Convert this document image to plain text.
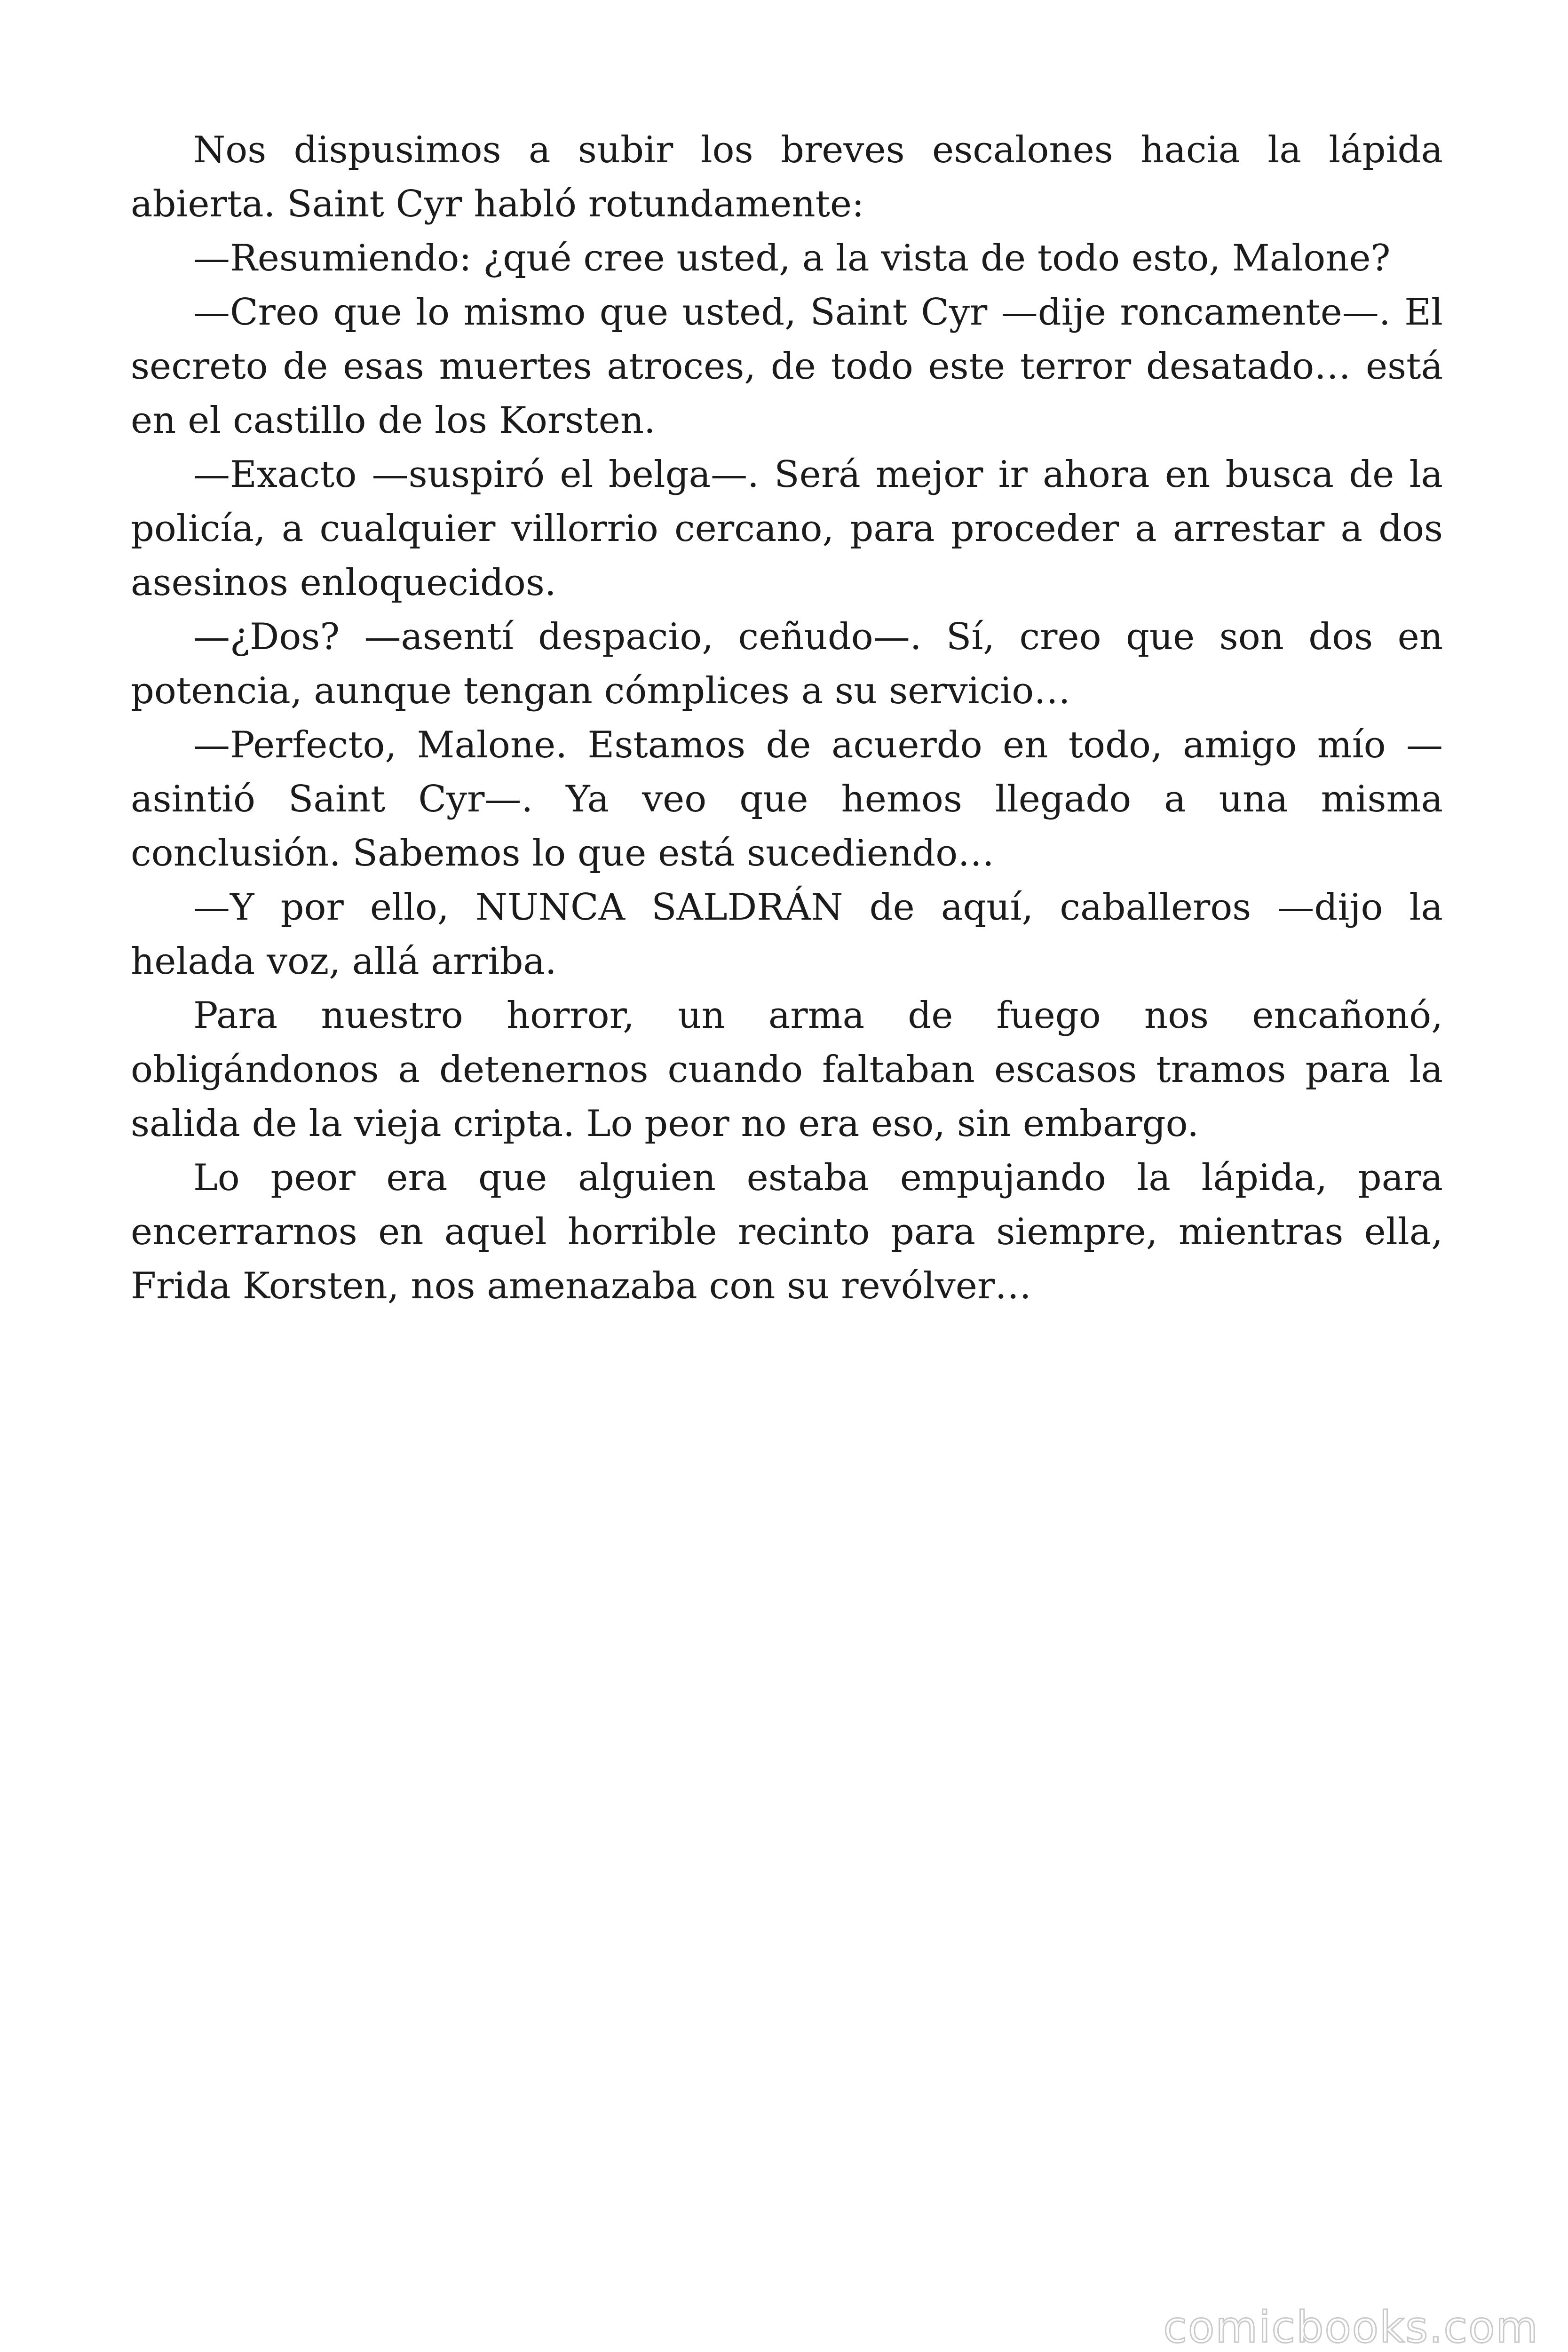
Nos dispusimos a subir los breves escalones hacia la lápida abierta. Saint Cyr habló rotundamente:

—Resumiendo: ¿qué cree usted, a la vista de todo esto, Malone?

—Creo que lo mismo que usted, Saint Cyr —dije roncamente—. El secreto de esas muertes atroces, de todo este terror desatado… está en el castillo de los Korsten.

—Exacto —suspiró el belga—. Será mejor ir ahora en busca de la policía, a cualquier villorrio cercano, para proceder a arrestar a dos asesinos enloquecidos.

—¿Dos? —asentí despacio, ceñudo—. Sí, creo que son dos en potencia, aunque tengan cómplices a su servicio…

—Perfecto, Malone. Estamos de acuerdo en todo, amigo mío —asintió Saint Cyr—. Ya veo que hemos llegado a una misma conclusión. Sabemos lo que está sucediendo…

—Y por ello, NUNCA SALDRÁN de aquí, caballeros —dijo la helada voz, allá arriba.

Para nuestro horror, un arma de fuego nos encañonó, obligándonos a detenernos cuando faltaban escasos tramos para la salida de la vieja cripta. Lo peor no era eso, sin embargo.

Lo peor era que alguien estaba empujando la lápida, para encerrarnos en aquel horrible recinto para siempre, mientras ella, Frida Korsten, nos amenazaba con su revólver…

comicbooks.com
